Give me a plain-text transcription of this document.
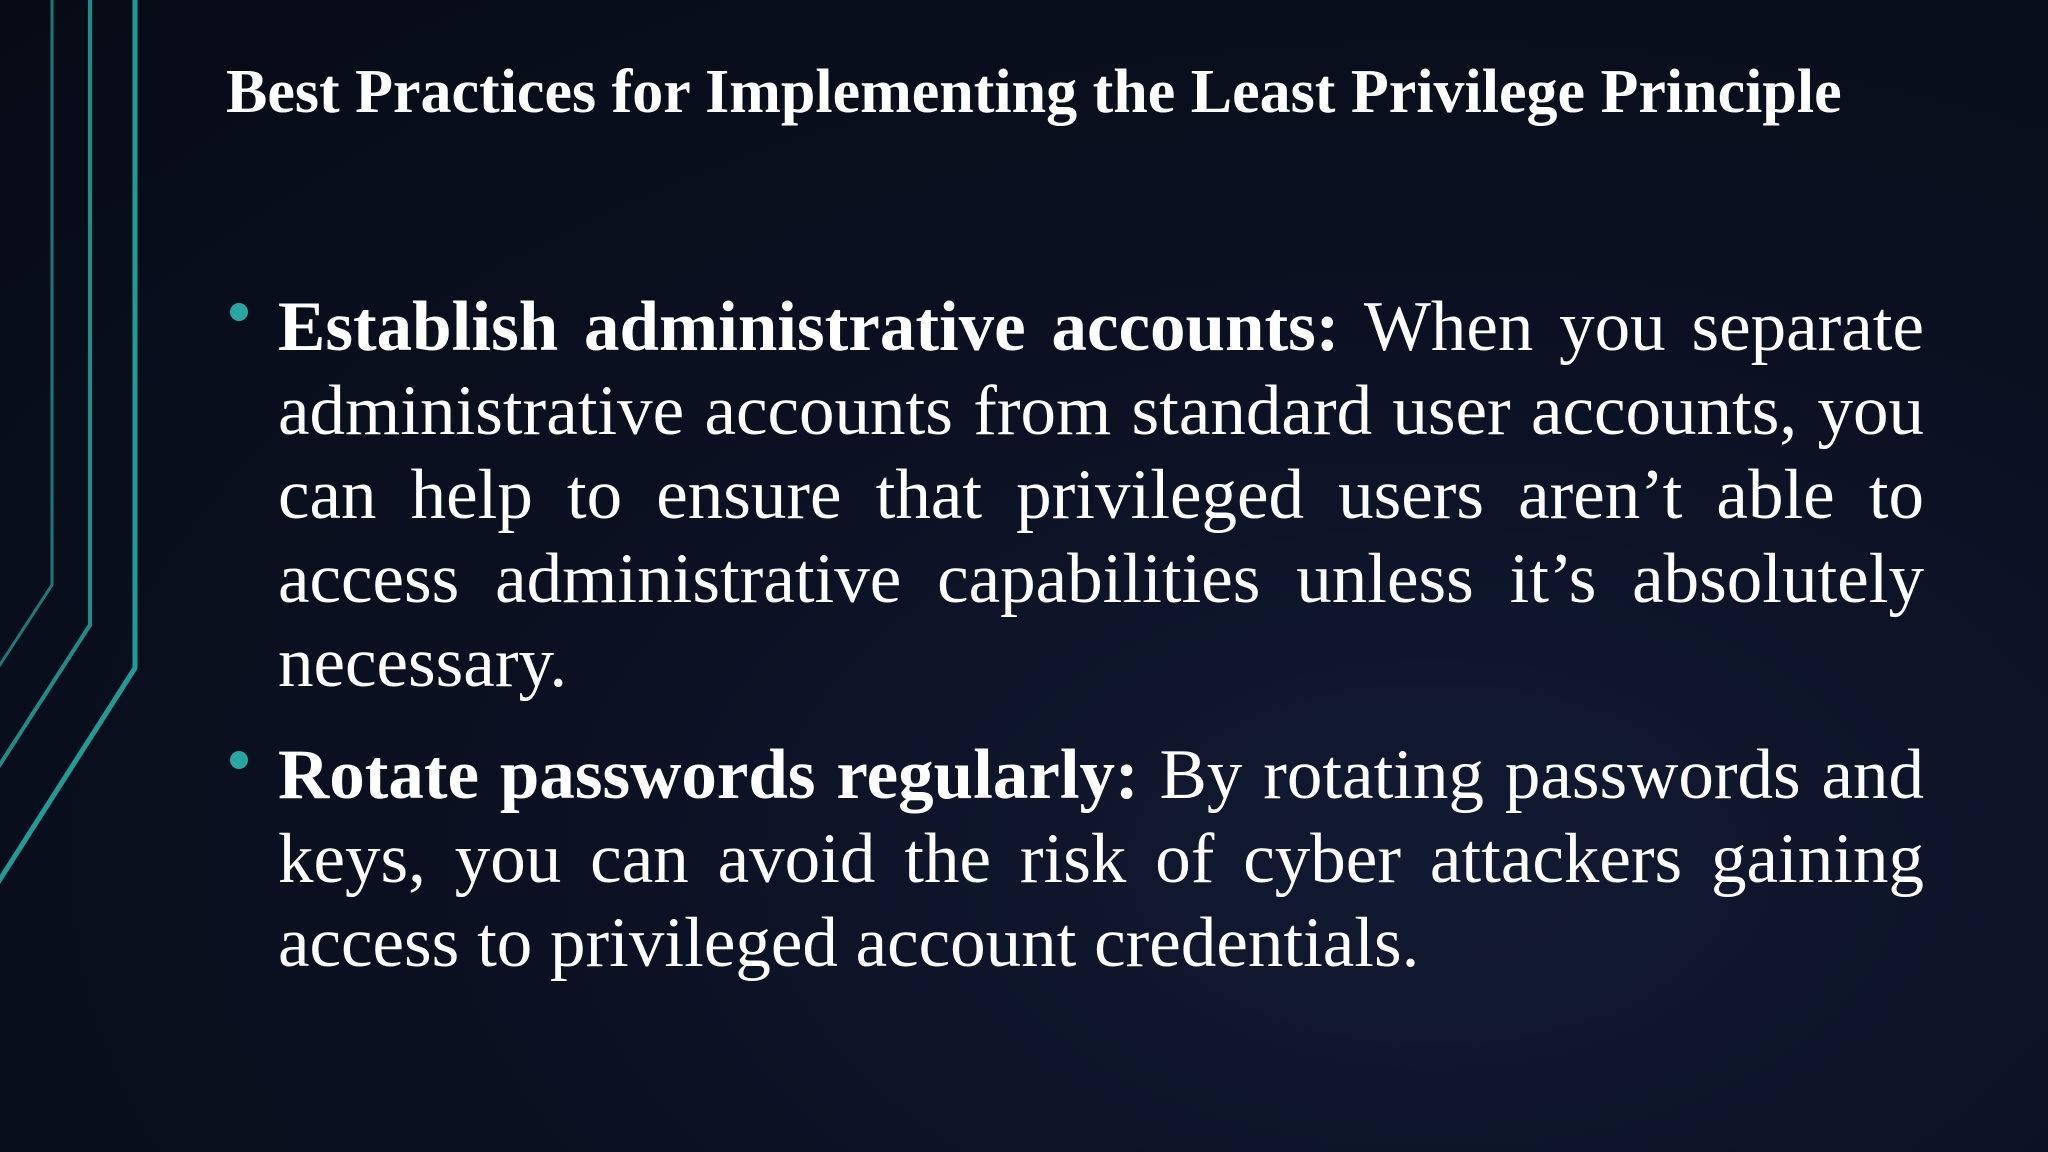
Best Practices for Implementing the Least Privilege Principle
Establish administrative accounts: When you separate administrative accounts from standard user accounts, you can help to ensure that privileged users aren’t able to access administrative capabilities unless it’s absolutely necessary.
Rotate passwords regularly: By rotating passwords and keys, you can avoid the risk of cyber attackers gaining access to privileged account credentials.
